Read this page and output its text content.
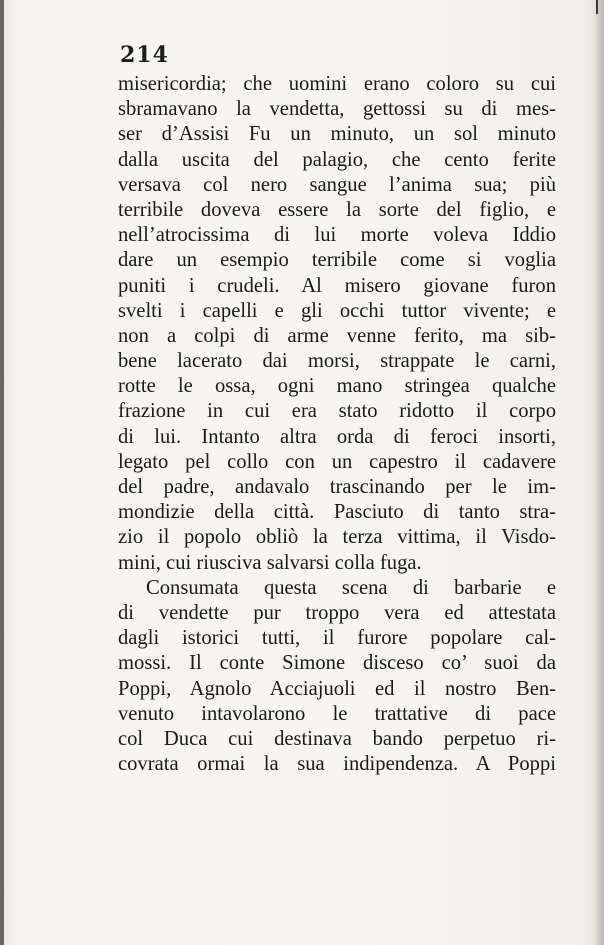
214
misericordia; che uomini erano coloro su cui
sbramavano la vendetta, gettossi su di mes-
ser d’Assisi Fu un minuto, un sol minuto
dalla uscita del palagio, che cento ferite
versava col nero sangue l’anima sua; più
terribile doveva essere la sorte del figlio, e
nell’atrocissima di lui morte voleva Iddio
dare un esempio terribile come si voglia
puniti i crudeli. Al misero giovane furon
svelti i capelli e gli occhi tuttor vivente; e
non a colpi di arme venne ferito, ma sib-
bene lacerato dai morsi, strappate le carni,
rotte le ossa, ogni mano stringea qualche
frazione in cui era stato ridotto il corpo
di lui. Intanto altra orda di feroci insorti,
legato pel collo con un capestro il cadavere
del padre, andavalo trascinando per le im-
mondizie della città. Pasciuto di tanto stra-
zio il popolo obliò la terza vittima, il Visdo-
mini, cui riusciva salvarsi colla fuga.
Consumata questa scena di barbarie e
di vendette pur troppo vera ed attestata
dagli istorici tutti, il furore popolare cal-
mossi. Il conte Simone disceso co’ suoi da
Poppi, Agnolo Acciajuoli ed il nostro Ben-
venuto intavolarono le trattative di pace
col Duca cui destinava bando perpetuo ri-
covrata ormai la sua indipendenza. A Poppi
